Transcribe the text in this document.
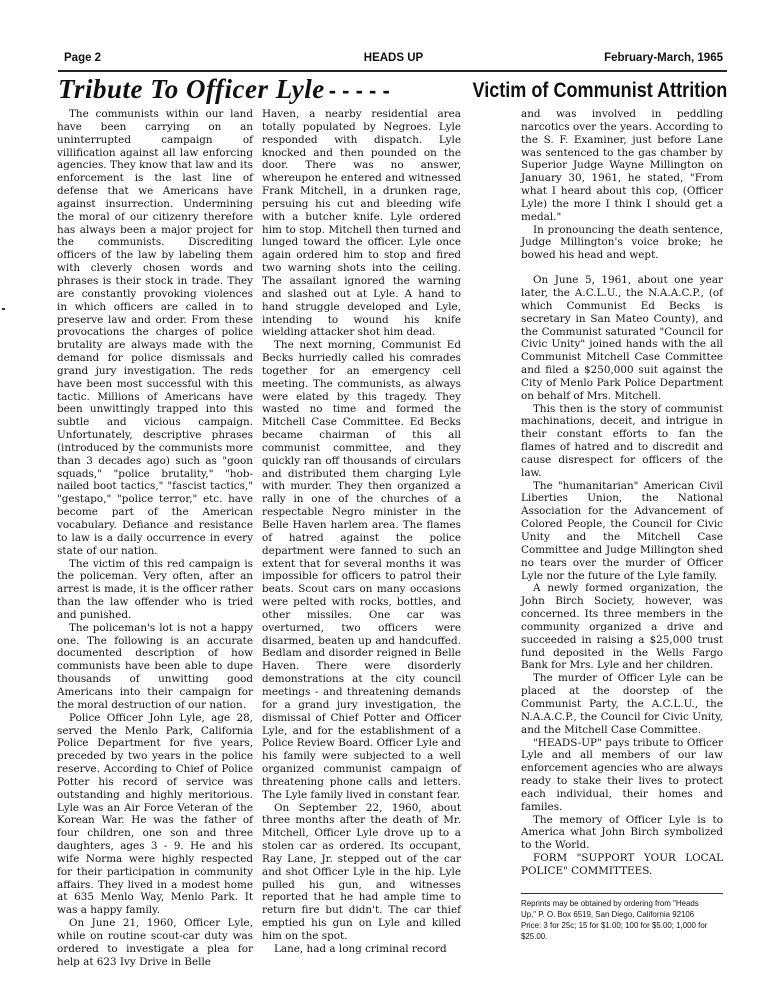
Page 2	HEADS UP	February-March, 1965
Tribute To Officer Lyle - - - - -	Victim of Communist Attrition

The communists within our land have been carrying on an uninterrupted campaign of villification against all law enforcing agencies. They know that law and its enforcement is the last line of defense that we Americans have against insurrection. Undermining the moral of our citizenry therefore has always been a major project for the communists. Discrediting officers of the law by labeling them with cleverly chosen words and phrases is their stock in trade. They are constantly provoking violences in which officers are called in to preserve law and order. From these provocations the charges of police brutality are always made with the demand for police dismissals and grand jury investigation. The reds have been most successful with this tactic. Millions of Americans have been unwittingly trapped into this subtle and vicious campaign. Unfortunately, descriptive phrases (introduced by the communists more than 3 decades ago) such as "goon squads," "police brutality," "hob-nailed boot tactics," "fascist tactics," "gestapo," "police terror," etc. have become part of the American vocabulary. Defiance and resistance to law is a daily occurrence in every state of our nation.

The victim of this red campaign is the policeman. Very often, after an arrest is made, it is the officer rather than the law offender who is tried and punished.

The policeman's lot is not a happy one. The following is an accurate documented description of how communists have been able to dupe thousands of unwitting good Americans into their campaign for the moral destruction of our nation.

Police Officer John Lyle, age 28, served the Menlo Park, California Police Department for five years, preceded by two years in the police reserve. According to Chief of Police Potter his record of service was outstanding and highly meritorious. Lyle was an Air Force Veteran of the Korean War. He was the father of four children, one son and three daughters, ages 3 - 9. He and his wife Norma were highly respected for their participation in community affairs. They lived in a modest home at 635 Menlo Way, Menlo Park. It was a happy family.

On June 21, 1960, Officer Lyle, while on routine scout-car duty was ordered to investigate a plea for help at 623 Ivy Drive in Belle

Haven, a nearby residential area totally populated by Negroes. Lyle responded with dispatch. Lyle knocked and then pounded on the door. There was no answer, whereupon he entered and witnessed Frank Mitchell, in a drunken rage, persuing his cut and bleeding wife with a butcher knife. Lyle ordered him to stop. Mitchell then turned and lunged toward the officer. Lyle once again ordered him to stop and fired two warning shots into the ceiling. The assailant ignored the warning and slashed out at Lyle. A hand to hand struggle developed and Lyle, intending to wound his knife wielding attacker shot him dead.

The next morning, Communist Ed Becks hurriedly called his comrades together for an emergency cell meeting. The communists, as always were elated by this tragedy. They wasted no time and formed the Mitchell Case Committee. Ed Becks became chairman of this all communist committee, and they quickly ran off thousands of circulars and distributed them charging Lyle with murder. They then organized a rally in one of the churches of a respectable Negro minister in the Belle Haven harlem area. The flames of hatred against the police department were fanned to such an extent that for several months it was impossible for officers to patrol their beats. Scout cars on many occasions were pelted with rocks, bottles, and other missiles. One car was overturned, two officers were disarmed, beaten up and handcuffed. Bedlam and disorder reigned in Belle Haven. There were disorderly demonstrations at the city council meetings - and threatening demands for a grand jury investigation, the dismissal of Chief Potter and Officer Lyle, and for the establishment of a Police Review Board. Officer Lyle and his family were subjected to a well organized communist campaign of threatening phone calls and letters. The Lyle family lived in constant fear.

On September 22, 1960, about three months after the death of Mr. Mitchell, Officer Lyle drove up to a stolen car as ordered. Its occupant, Ray Lane, Jr. stepped out of the car and shot Officer Lyle in the hip. Lyle pulled his gun, and witnesses reported that he had ample time to return fire but didn't. The car thief emptied his gun on Lyle and killed him on the spot.

Lane, had a long criminal record

and was involved in peddling narcotics over the years. According to the S. F. Examiner, just before Lane was sentenced to the gas chamber by Superior Judge Wayne Millington on January 30, 1961, he stated, "From what I heard about this cop, (Officer Lyle) the more I think I should get a medal."

In pronouncing the death sentence, Judge Millington's voice broke; he bowed his head and wept.

On June 5, 1961, about one year later, the A.C.L.U., the N.A.A.C.P., (of which Communist Ed Becks is secretary in San Mateo County), and the Communist saturated "Council for Civic Unity" joined hands with the all Communist Mitchell Case Committee and filed a $250,000 suit against the City of Menlo Park Police Department on behalf of Mrs. Mitchell.

This then is the story of communist machinations, deceit, and intrigue in their constant efforts to fan the flames of hatred and to discredit and cause disrespect for officers of the law.

The "humanitarian" American Civil Liberties Union, the National Association for the Advancement of Colored People, the Council for Civic Unity and the Mitchell Case Committee and Judge Millington shed no tears over the murder of Officer Lyle nor the future of the Lyle family.

A newly formed organization, the John Birch Society, however, was concerned. Its three members in the community organized a drive and succeeded in raising a $25,000 trust fund deposited in the Wells Fargo Bank for Mrs. Lyle and her children.

The murder of Officer Lyle can be placed at the doorstep of the Communist Party, the A.C.L.U., the N.A.A.C.P., the Council for Civic Unity, and the Mitchell Case Committee.

"HEADS-UP" pays tribute to Officer Lyle and all members of our law enforcement agencies who are always ready to stake their lives to protect each individual, their homes and familes.

The memory of Officer Lyle is to America what John Birch symbolized to the World.

FORM "SUPPORT YOUR LOCAL POLICE" COMMITTEES.

Reprints may be obtained by ordering from "Heads Up," P. O. Box 6519, San Diego, California 92106 Price: 3 for 25c; 15 for $1.00; 100 for $5.00; 1,000 for $25.00.
